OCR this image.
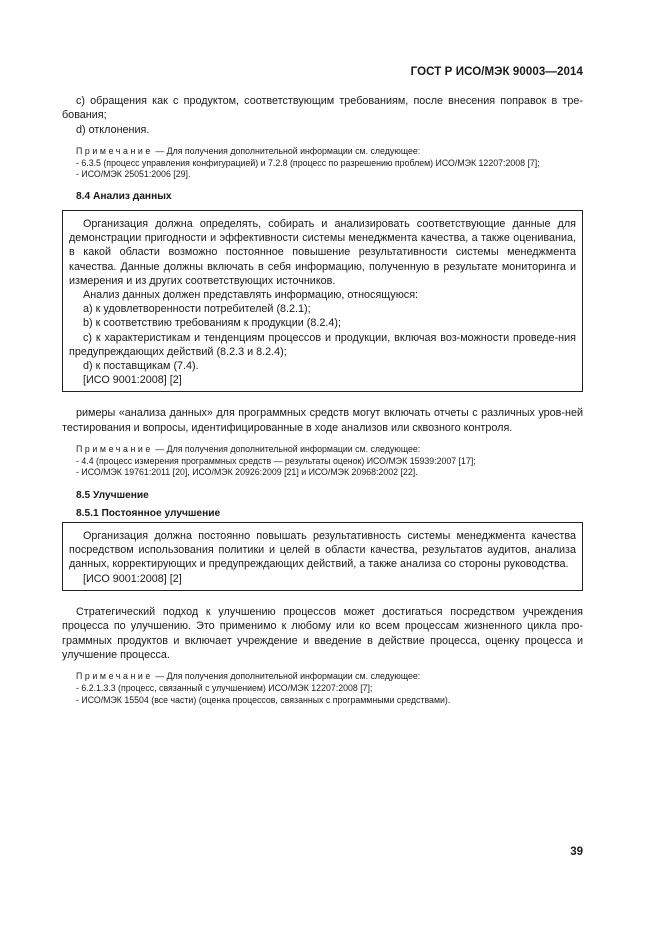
ГОСТ Р ИСО/МЭК 90003—2014

c) обращения как с продуктом, соответствующим требованиям, после внесения поправок в тре-бования;

d) отклонения.

Примечание — Для получения дополнительной информации см. следующее:

- 6.3.5 (процесс управления конфигурацией) и 7.2.8 (процесс по разрешению проблем) ИСО/МЭК 12207:2008 [7];

- ИСО/МЭК 25051:2006 [29].

8.4 Анализ данных

Организация должна определять, собирать и анализировать соответствующие данные для демонстрации пригодности и эффективности системы менеджмента качества, а также оцениваниa, в какой области возможно постоянное повышение результативности системы менеджмента качества. Данные должны включать в себя информацию, полученную в результате мониторинга и измерения и из других соответствующих источников.

Анализ данных должен представлять информацию, относящуюся:

a) к удовлетворенности потребителей (8.2.1);

b) к соответствию требованиям к продукции (8.2.4);

c) к характеристикам и тенденциям процессов и продукции, включая воз-можности проведе-ния предупреждающих действий (8.2.3 и 8.2.4);

d) к поставщикам (7.4).

[ИСО 9001:2008] [2]

римеры «анализа данных» для программных средств могут включать отчеты с различных уров-ней тестирования и вопросы, идентифицированные в ходе анализов или сквозного контроля.

Примечание — Для получения дополнительной информации см. следующее:

- 4.4 (процесс измерения программных средств — результаты оценок) ИСО/МЭК 15939:2007 [17];

- ИСО/МЭК 19761:2011 [20], ИСО/МЭК 20926:2009 [21] и ИСО/МЭК 20968:2002 [22].

8.5 Улучшение

8.5.1 Постоянное улучшение

Организация должна постоянно повышать результативность системы менеджмента качества посредством использования политики и целей в области качества, результатов аудитов, анализа данных, корректирующих и предупреждающих действий, а также анализа со стороны руководства.

[ИСО 9001:2008] [2]

Стратегический подход к улучшению процессов может достигаться посредством учреждения процесса по улучшению. Это применимо к любому или ко всем процессам жизненного цикла про-граммных продуктов и включает учреждение и введение в действие процесса, оценку процесса и улучшение процесса.

Примечание — Для получения дополнительной информации см. следующее:

- 6.2.1.3.3 (процесс, связанный с улучшением) ИСО/МЭК 12207:2008 [7];

- ИСО/МЭК 15504 (все части) (оценка процессов, связанных с программными средствами).

39
